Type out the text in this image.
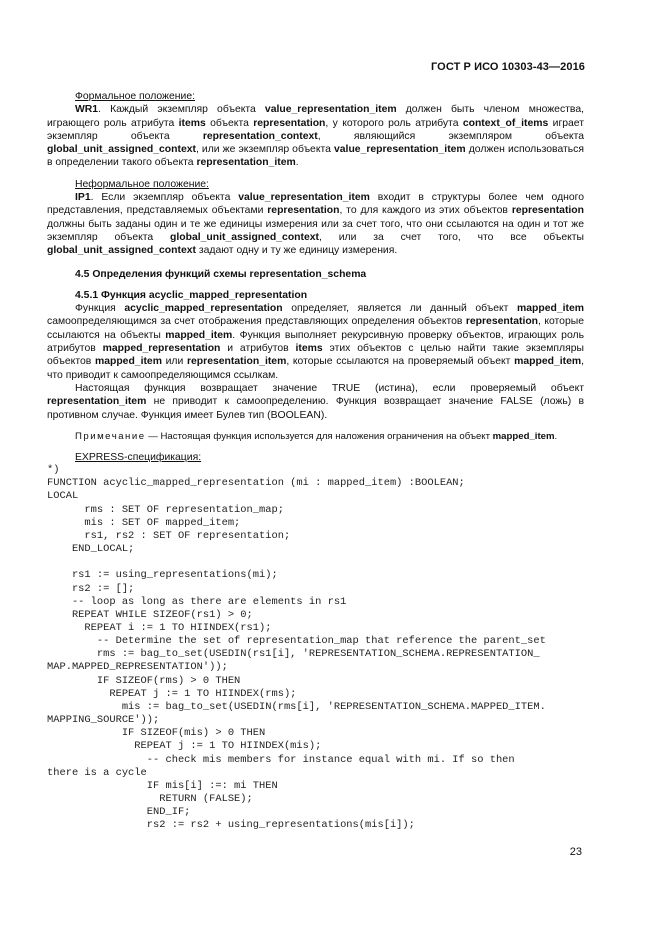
ГОСТ Р ИСО 10303-43—2016
Формальное положение:

WR1. Каждый экземпляр объекта value_representation_item должен быть членом множества, играющего роль атрибута items объекта representation, у которого роль атрибута context_of_items играет экземпляр объекта representation_context, являющийся экземпляром объекта global_unit_assigned_context, или же экземпляр объекта value_representation_item должен использоваться в определении такого объекта representation_item.

Неформальное положение:

IP1. Если экземпляр объекта value_representation_item входит в структуры более чем одного представления, представляемых объектами representation, то для каждого из этих объектов representation должны быть заданы один и те же единицы измерения или за счет того, что они ссылаются на один и тот же экземпляр объекта global_unit_assigned_context, или за счет того, что все объекты global_unit_assigned_context задают одну и ту же единицу измерения.

4.5 Определения функций схемы representation_schema
4.5.1 Функция acyclic_mapped_representation

Функция acyclic_mapped_representation определяет, является ли данный объект mapped_item самоопределяющимся за счет отображения представляющих определения объектов representation, которые ссылаются на объекты mapped_item. Функция выполняет рекурсивную проверку объектов, играющих роль атрибутов mapped_representation и атрибутов items этих объектов с целью найти такие экземпляры объектов mapped_item или representation_item, которые ссылаются на проверяемый объект mapped_item, что приводит к самоопределяющимся ссылкам.

Настоящая функция возвращает значение TRUE (истина), если проверяемый объект representation_item не приводит к самоопределению. Функция возвращает значение FALSE (ложь) в противном случае. Функция имеет Булев тип (BOOLEAN).

Примечание — Настоящая функция используется для наложения ограничения на объект mapped_item.
EXPRESS-спецификация:
*)
FUNCTION acyclic_mapped_representation (mi : mapped_item) :BOOLEAN;
LOCAL
rms : SET OF representation_map;
mis : SET OF mapped_item;
rs1, rs2 : SET OF representation;
END_LOCAL;

rs1 := using_representations(mi);
rs2 := [];
-- loop as long as there are elements in rs1
REPEAT WHILE SIZEOF(rs1) > 0;
REPEAT i := 1 TO HIINDEX(rs1);
-- Determine the set of representation_map that reference the parent_set
rms := bag_to_set(USEDIN(rs1[i], 'REPRESENTATION_SCHEMA.REPRESENTATION_
MAP.MAPPED_REPRESENTATION'));
IF SIZEOF(rms) > 0 THEN
REPEAT j := 1 TO HIINDEX(rms);
mis := bag_to_set(USEDIN(rms[i], 'REPRESENTATION_SCHEMA.MAPPED_ITEM.
MAPPING_SOURCE'));
IF SIZEOF(mis) > 0 THEN
REPEAT j := 1 TO HIINDEX(mis);
-- check mis members for instance equal with mi. If so then
there is a cycle
IF mis[i] :=: mi THEN
RETURN (FALSE);
END_IF;
rs2 := rs2 + using_representations(mis[i]);
23
